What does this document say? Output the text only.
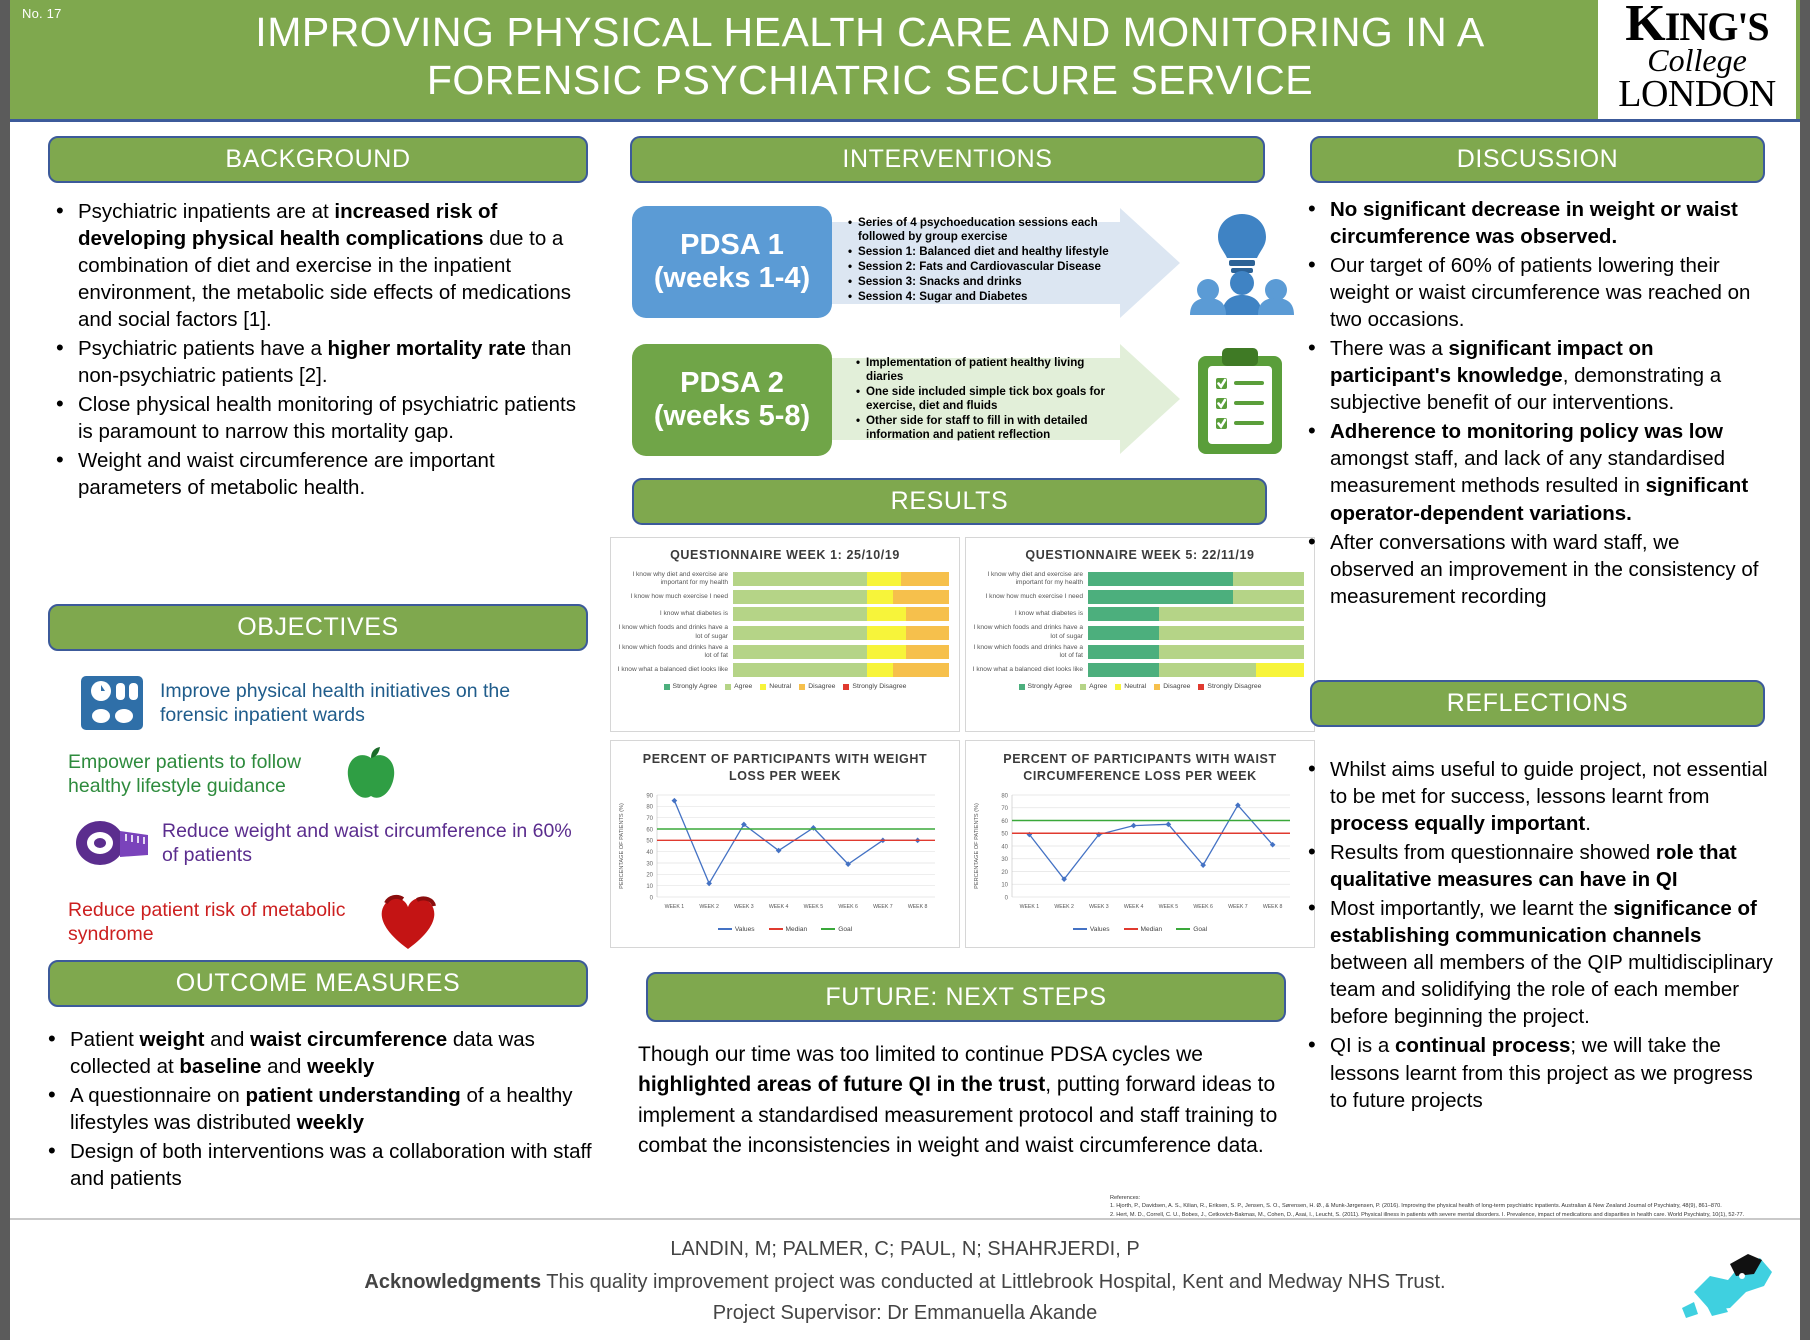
No. 17	IMPROVING PHYSICAL HEALTH CARE AND MONITORING IN A
FORENSIC PSYCHIATRIC SECURE SERVICE
KING'S
College
LONDON
BACKGROUND
• Psychiatric inpatients are at increased risk of developing physical health complications due to a combination of diet and exercise in the inpatient environment, the metabolic side effects of medications and social factors [1].
• Psychiatric patients have a higher mortality rate than non-psychiatric patients [2].
• Close physical health monitoring of psychiatric patients is paramount to narrow this mortality gap.
• Weight and waist circumference are important parameters of metabolic health.
OBJECTIVES
Improve physical health initiatives on the forensic inpatient wards
Empower patients to follow healthy lifestyle guidance
Reduce weight and waist circumference in 60% of patients
Reduce patient risk of metabolic syndrome
OUTCOME MEASURES
• Patient weight and waist circumference data was collected at baseline and weekly
• A questionnaire on patient understanding of a healthy lifestyles was distributed weekly
• Design of both interventions was a collaboration with staff and patients
INTERVENTIONS
PDSA 1
(weeks 1-4)
• Series of 4 psychoeducation sessions each followed by group exercise
• Session 1: Balanced diet and healthy lifestyle
• Session 2: Fats and Cardiovascular Disease
• Session 3: Snacks and drinks
• Session 4: Sugar and Diabetes
PDSA 2
(weeks 5-8)
• Implementation of patient healthy living diaries
• One side included simple tick box goals for exercise, diet and fluids
• Other side for staff to fill in with detailed information and patient reflection
RESULTS
QUESTIONNAIRE WEEK 1: 25/10/19
I know why diet and exercise are important for my health
I know how much exercise I need
I know what diabetes is
I know which foods and drinks have a lot of sugar
I know which foods and drinks have a lot of fat
I know what a balanced diet looks like
Strongly Agree	Agree	Neutral	Disagree	Strongly Disagree
QUESTIONNAIRE WEEK 5: 22/11/19
I know why diet and exercise are important for my health
I know how much exercise I need
I know what diabetes is
I know which foods and drinks have a lot of sugar
I know which foods and drinks have a lot of fat
I know what a balanced diet looks like
Strongly Agree	Agree	Neutral	Disagree	Strongly Disagree
PERCENT OF PARTICIPANTS WITH WEIGHT LOSS PER WEEK
0
10
20
30
40
50
60
70
80
90
PERCENTAGE OF PATIENTS (%)
WEEK 1	WEEK 2	WEEK 3	WEEK 4	WEEK 5	WEEK 6	WEEK 7	WEEK 8
Values	Median	Goal
PERCENT OF PARTICIPANTS WITH WAIST CIRCUMFERENCE LOSS PER WEEK
0
10
20
30
40
50
60
70
80
PERCENTAGE OF PATIENTS (%)
WEEK 1	WEEK 2	WEEK 3	WEEK 4	WEEK 5	WEEK 6	WEEK 7	WEEK 8
Values	Median	Goal
FUTURE: NEXT STEPS
Though our time was too limited to continue PDSA cycles we highlighted areas of future QI in the trust, putting forward ideas to implement a standardised measurement protocol and staff training to combat the inconsistencies in weight and waist circumference data.
References:
1. Hjorth, P., Davidsen, A. S., Kilian, R., Eriksen, S. P., Jensen, S. O., Sørensen, H. Ø., & Munk-Jørgensen, P. (2016). Improving the physical health of long-term psychiatric inpatients. Australian & New Zealand Journal of Psychiatry, 48(9), 861–870.
2. Hert, M. D., Correll, C. U., Bobes, J., Cetkovich-Bakmas, M., Cohen, D., Asai, I., Leucht, S. (2011). Physical illness in patients with severe mental disorders. I. Prevalence, impact of medications and disparities in health care. World Psychiatry, 10(1), 52-77.
DISCUSSION
• No significant decrease in weight or waist circumference was observed.
• Our target of 60% of patients lowering their weight or waist circumference was reached on two occasions.
• There was a significant impact on participant's knowledge, demonstrating a subjective benefit of our interventions.
• Adherence to monitoring policy was low amongst staff, and lack of any standardised measurement methods resulted in significant operator-dependent variations.
• After conversations with ward staff, we observed an improvement in the consistency of measurement recording
REFLECTIONS
• Whilst aims useful to guide project, not essential to be met for success, lessons learnt from process equally important.
• Results from questionnaire showed role that qualitative measures can have in QI
• Most importantly, we learnt the significance of establishing communication channels between all members of the QIP multidisciplinary team and solidifying the role of each member before beginning the project.
• QI is a continual process; we will take the lessons learnt from this project as we progress to future projects
LANDIN, M; PALMER, C; PAUL, N; SHAHRJERDI, P
Acknowledgments This quality improvement project was conducted at Littlebrook Hospital, Kent and Medway NHS Trust.
Project Supervisor: Dr Emmanuella Akande
